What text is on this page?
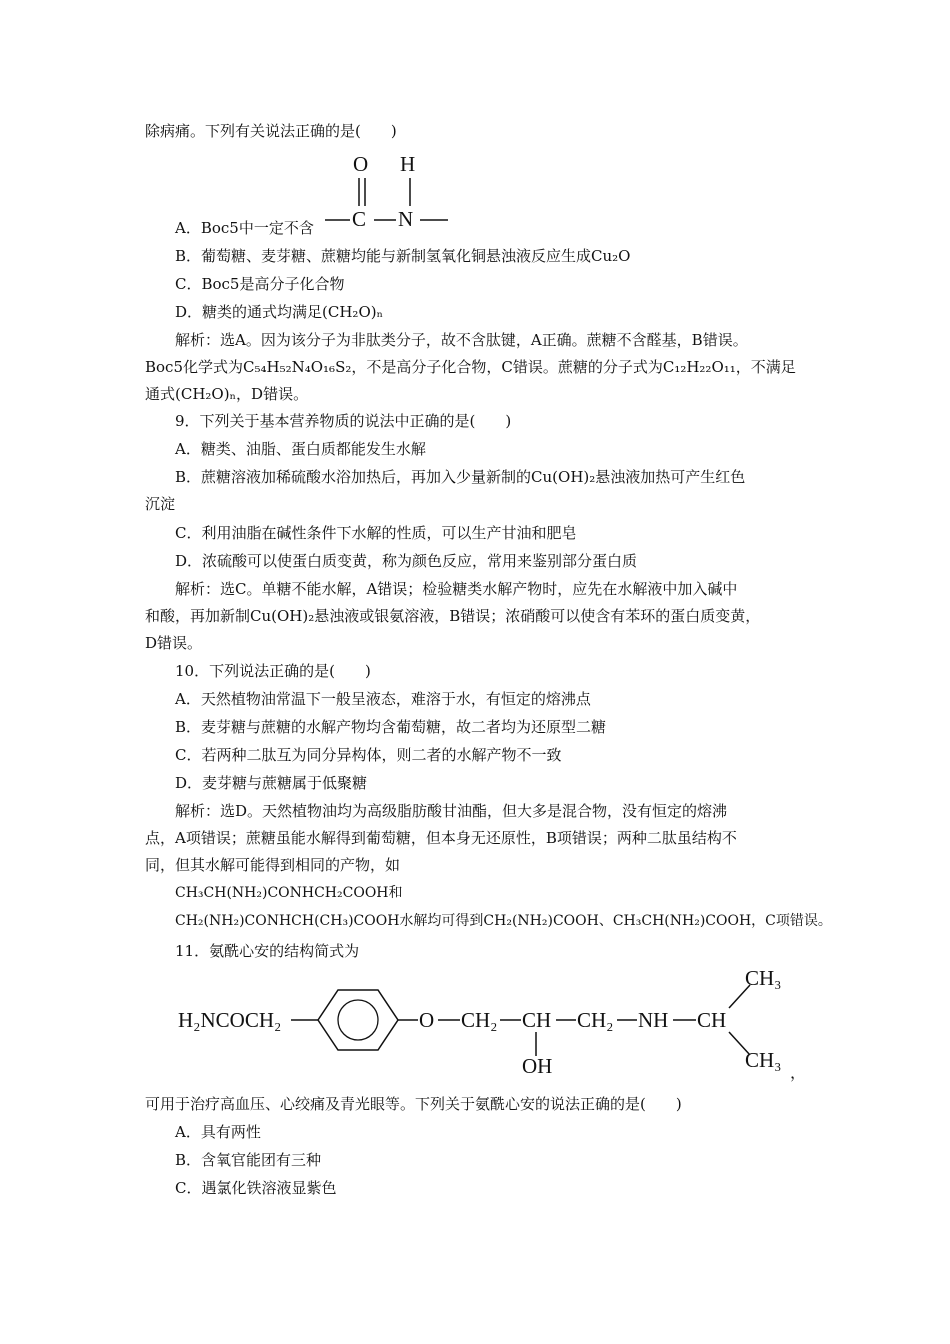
除病痛。下列有关说法正确的是(　　)
O H
C N
A．Boc5中一定不含
B．葡萄糖、麦芽糖、蔗糖均能与新制氢氧化铜悬浊液反应生成Cu₂O
C．Boc5是高分子化合物
D．糖类的通式均满足(CH₂O)ₙ
解析：选A。因为该分子为非肽类分子，故不含肽键，A正确。蔗糖不含醛基，B错误。
Boc5化学式为C₅₄H₅₂N₄O₁₆S₂，不是高分子化合物，C错误。蔗糖的分子式为C₁₂H₂₂O₁₁，不满足
通式(CH₂O)ₙ，D错误。
9．下列关于基本营养物质的说法中正确的是(　　)
A．糖类、油脂、蛋白质都能发生水解
B．蔗糖溶液加稀硫酸水浴加热后，再加入少量新制的Cu(OH)₂悬浊液加热可产生红色
沉淀
C．利用油脂在碱性条件下水解的性质，可以生产甘油和肥皂
D．浓硫酸可以使蛋白质变黄，称为颜色反应，常用来鉴别部分蛋白质
解析：选C。单糖不能水解，A错误；检验糖类水解产物时，应先在水解液中加入碱中
和酸，再加新制Cu(OH)₂悬浊液或银氨溶液，B错误；浓硝酸可以使含有苯环的蛋白质变黄，
D错误。
10．下列说法正确的是(　　)
A．天然植物油常温下一般呈液态，难溶于水，有恒定的熔沸点
B．麦芽糖与蔗糖的水解产物均含葡萄糖，故二者均为还原型二糖
C．若两种二肽互为同分异构体，则二者的水解产物不一致
D．麦芽糖与蔗糖属于低聚糖
解析：选D。天然植物油均为高级脂肪酸甘油酯，但大多是混合物，没有恒定的熔沸
点，A项错误；蔗糖虽能水解得到葡萄糖，但本身无还原性，B项错误；两种二肽虽结构不
同，但其水解可能得到相同的产物，如
CH₃CH(NH₂)CONHCH₂COOH和
CH₂(NH₂)CONHCH(CH₃)COOH水解均可得到CH₂(NH₂)COOH、CH₃CH(NH₂)COOH，C项错误。
11．氨酰心安的结构简式为
H₂NCOCH₂	O CH₂ CH
OH
CH₂ NH CH
CH₃
CH₃
，
可用于治疗高血压、心绞痛及青光眼等。下列关于氨酰心安的说法正确的是(　　)
A．具有两性
B．含氧官能团有三种
C．遇氯化铁溶液显紫色
